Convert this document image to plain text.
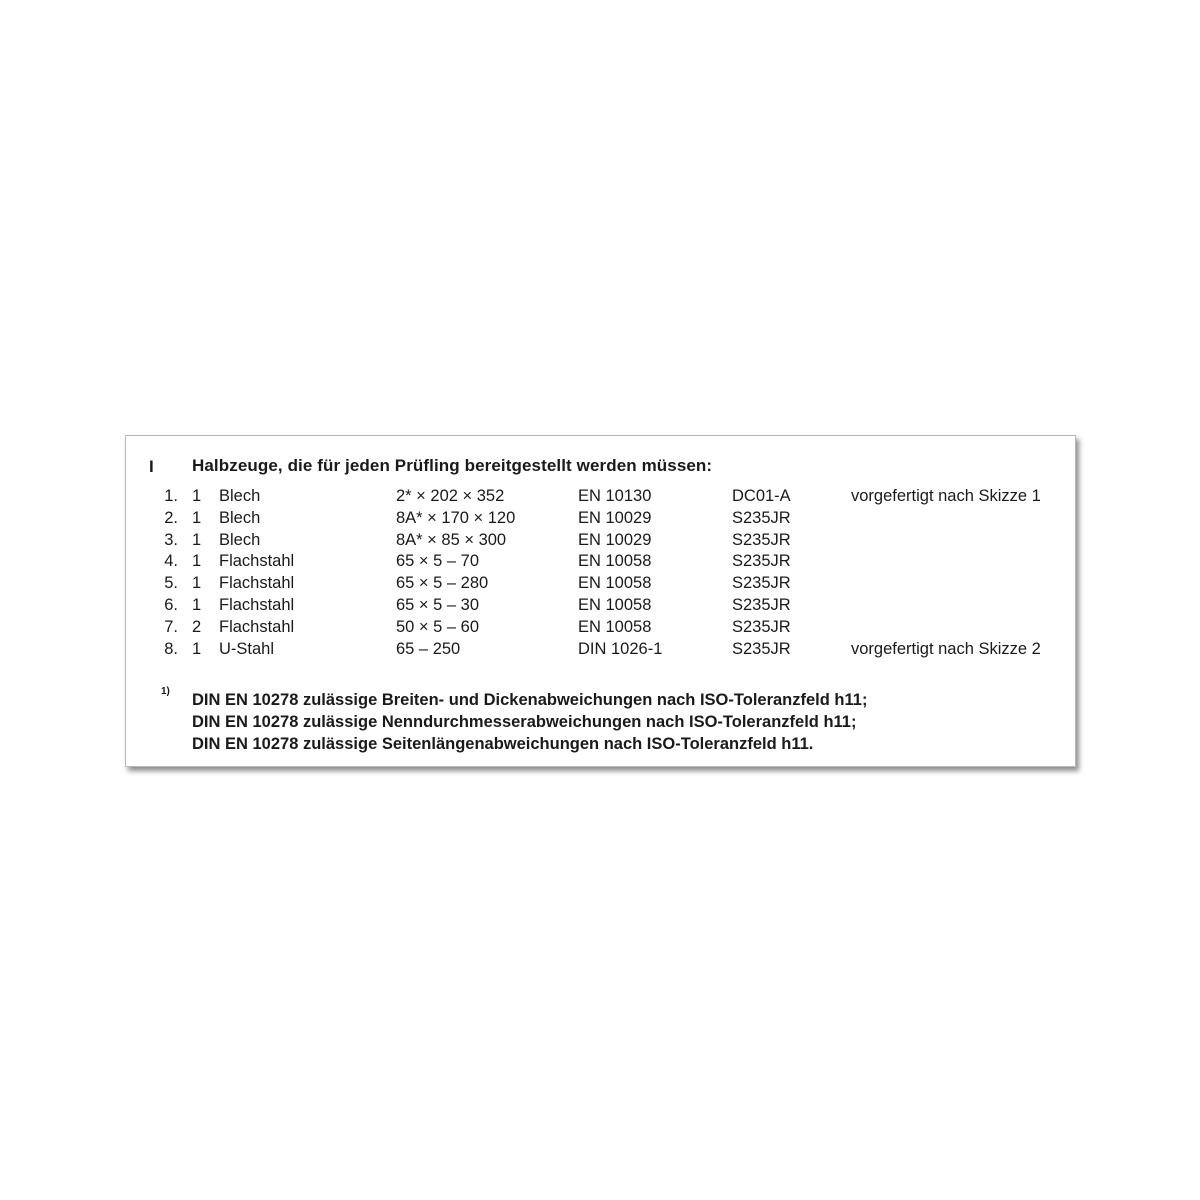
I Halbzeuge, die für jeden Prüfling bereitgestellt werden müssen:
1. 1 Blech	2* × 202 × 352	EN 10130	DC01-A	vorgefertigt nach Skizze 1
2. 1 Blech	8A* × 170 × 120	EN 10029	S235JR
3. 1 Blech	8A* × 85 × 300	EN 10029	S235JR
4. 1 Flachstahl	65 × 5 – 70	EN 10058	S235JR
5. 1 Flachstahl	65 × 5 – 280	EN 10058	S235JR
6. 1 Flachstahl	65 × 5 – 30	EN 10058	S235JR
7. 2 Flachstahl	50 × 5 – 60	EN 10058	S235JR
8. 1 U-Stahl	65 – 250	DIN 1026-1	S235JR	vorgefertigt nach Skizze 2
1) DIN EN 10278 zulässige Breiten- und Dickenabweichungen nach ISO-Toleranzfeld h11;
DIN EN 10278 zulässige Nenndurchmesserabweichungen nach ISO-Toleranzfeld h11;
DIN EN 10278 zulässige Seitenlängenabweichungen nach ISO-Toleranzfeld h11.
